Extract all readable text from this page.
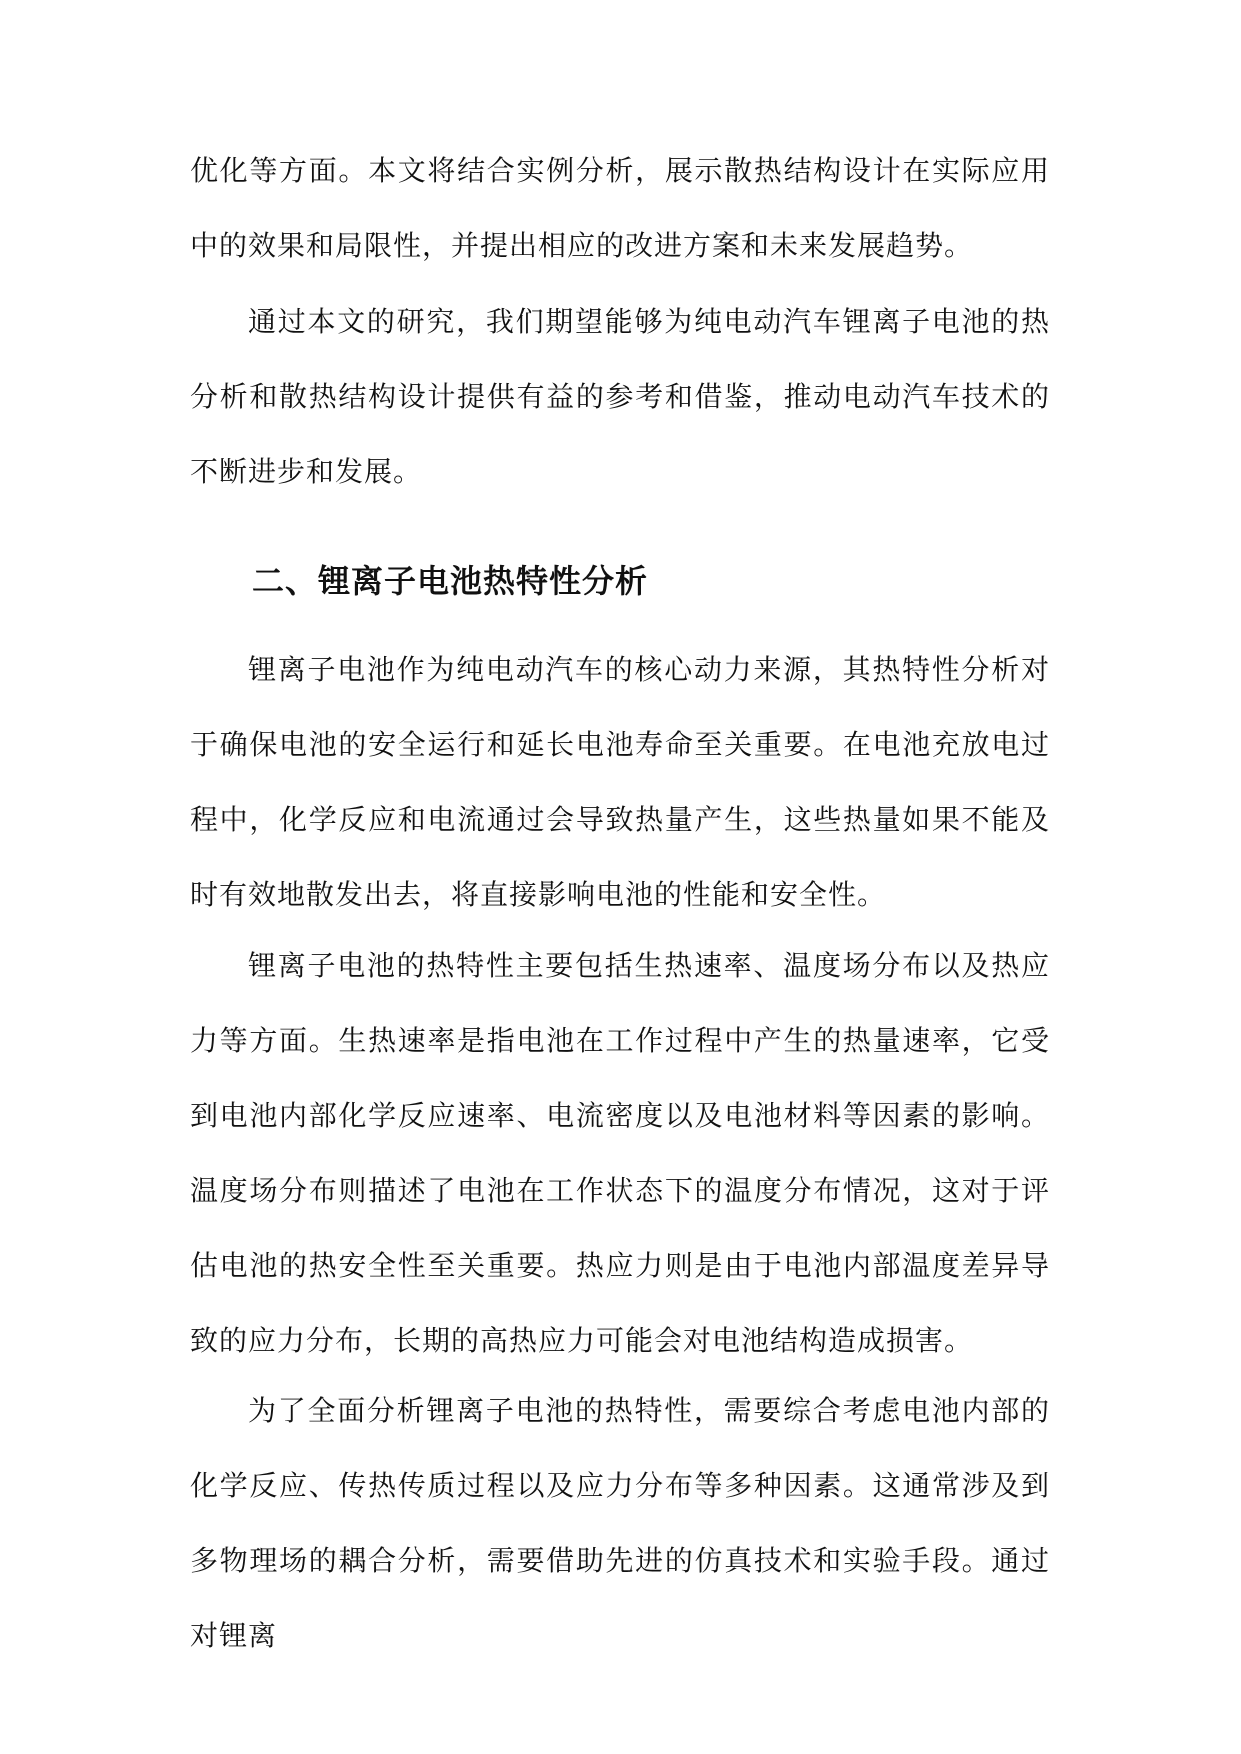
优化等方面。本文将结合实例分析，展示散热结构设计在实际应用中的效果和局限性，并提出相应的改进方案和未来发展趋势。

通过本文的研究，我们期望能够为纯电动汽车锂离子电池的热分析和散热结构设计提供有益的参考和借鉴，推动电动汽车技术的不断进步和发展。

二、锂离子电池热特性分析

锂离子电池作为纯电动汽车的核心动力来源，其热特性分析对于确保电池的安全运行和延长电池寿命至关重要。在电池充放电过程中，化学反应和电流通过会导致热量产生，这些热量如果不能及时有效地散发出去，将直接影响电池的性能和安全性。

锂离子电池的热特性主要包括生热速率、温度场分布以及热应力等方面。生热速率是指电池在工作过程中产生的热量速率，它受到电池内部化学反应速率、电流密度以及电池材料等因素的影响。温度场分布则描述了电池在工作状态下的温度分布情况，这对于评估电池的热安全性至关重要。热应力则是由于电池内部温度差异导致的应力分布，长期的高热应力可能会对电池结构造成损害。

为了全面分析锂离子电池的热特性，需要综合考虑电池内部的化学反应、传热传质过程以及应力分布等多种因素。这通常涉及到多物理场的耦合分析，需要借助先进的仿真技术和实验手段。通过对锂离
